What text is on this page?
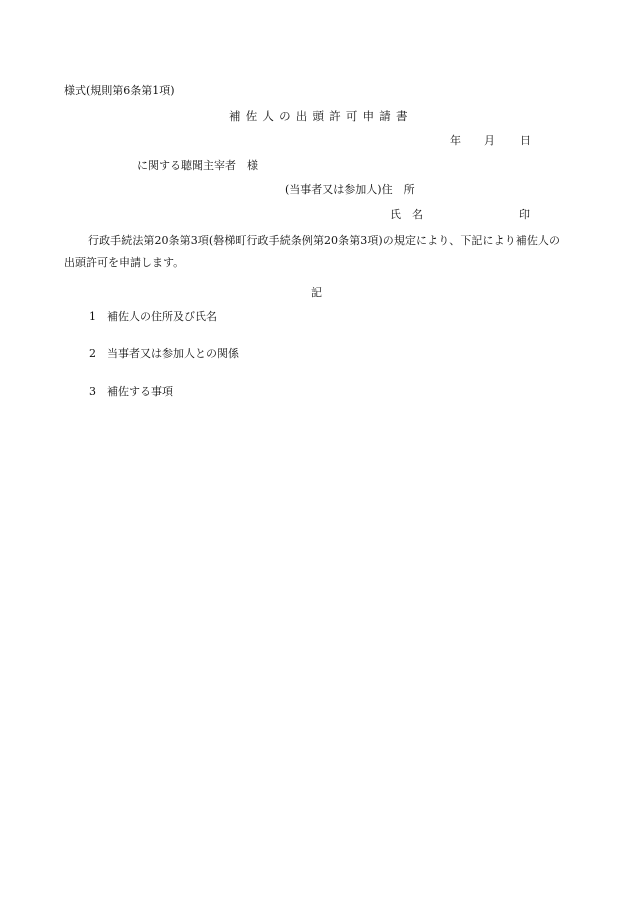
様式(規則第6条第1項)
補佐人の出頭許可申請書
年 月 日
に関する聴聞主宰者　様
(当事者又は参加人)住　所
氏　名	印
行政手続法第20条第3項(磐梯町行政手続条例第20条第3項)の規定により、下記により補佐人の出頭許可を申請します。
記
1 補佐人の住所及び氏名
2 当事者又は参加人との関係
3 補佐する事項
